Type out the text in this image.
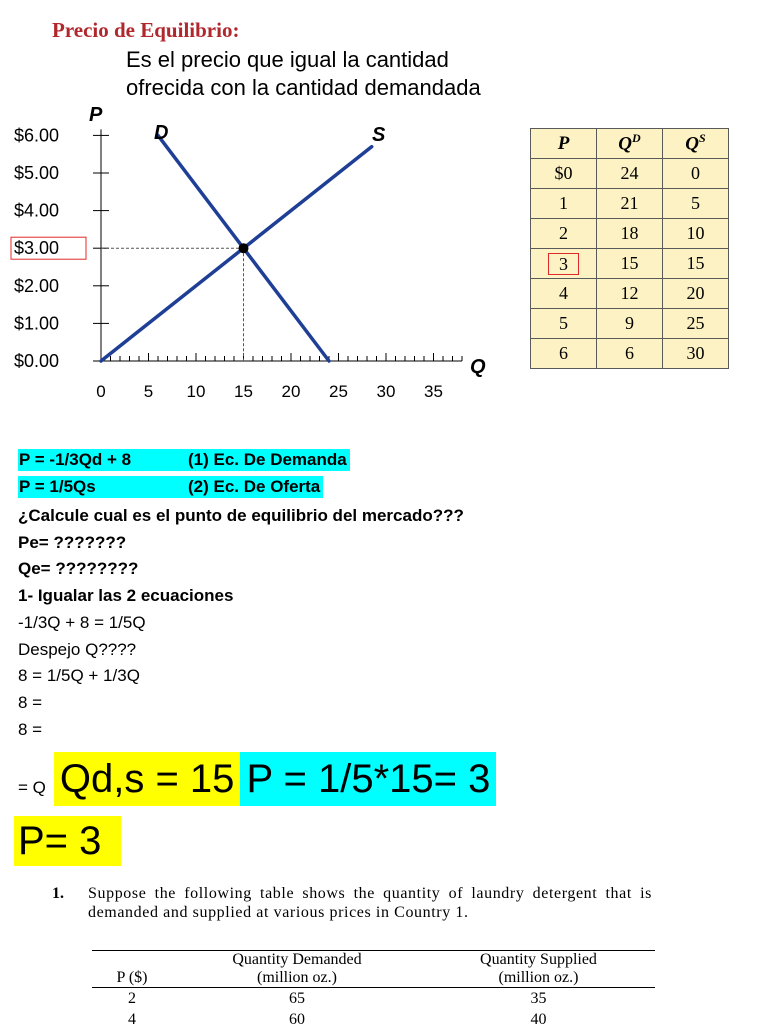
Precio de Equilibrio:
Es el precio que igual la cantidad
ofrecida con la cantidad demandada
$0.00
$1.00
$2.00
$3.00
$4.00
$5.00
$6.00
0 5 10 15 20 25 30 35
P
Q
D	S	P	$Q^D$	$Q^S$
$0	24	0
1	21	5
2	18	10
3	15	15
4	12	20
5	9	25
6	6	30
P = -1/3Qd + 8	(1) Ec. De Demanda
P = 1/5Qs	(2) Ec. De Oferta
¿Calcule cual es el punto de equilibrio del mercado???
Pe= ???????
Qe= ????????
1- Igualar las 2 ecuaciones
-1/3Q + 8 = 1/5Q
Despejo Q????
8 = 1/5Q + 1/3Q
8 =
8 =
= Q Qd,s = 15 P = 1/5*15= 3
P= 3
1. Suppose the following table shows the quantity of laundry detergent that is demanded and supplied at various prices in Country 1.
	Quantity Demanded	Quantity Supplied
P ($)	(million oz.)	(million oz.)
2	65	35
4	60	40
